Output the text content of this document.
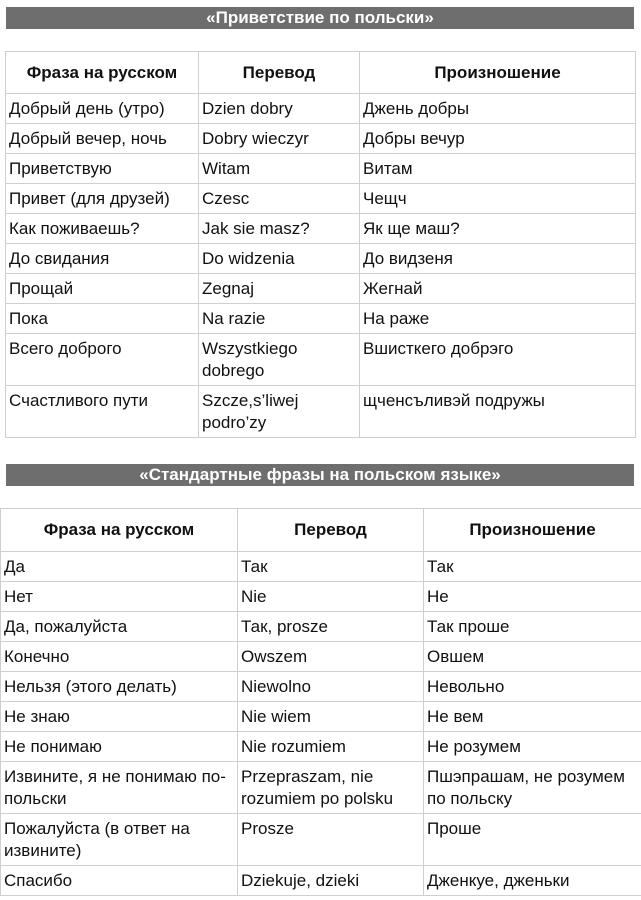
«Приветствие по польски»
Фраза на русском	Перевод	Произношение
Добрый день (утро)	Dzien dobry	Джень добры
Добрый вечер, ночь	Dobry wieczyr	Добры вечур
Приветствую	Witam	Витам
Привет (для друзей)	Czesc	Чещч
Как поживаешь?	Jak sie masz?	Як ще маш?
До свидания	Do widzenia	До видзеня
Прощай	Zegnaj	Жегнай
Пока	Na razie	На раже
Всего доброго	Wszystkiego dobrego	Вшисткего добрэго
Счастливого пути	Szcze,s’liwej podro’zy	щченсъливэй подружы
«Стандартные фразы на польском языке»
Фраза на русском	Перевод	Произношение
Да	Так	Так
Нет	Nie	Не
Да, пожалуйста	Так, prosze	Так проше
Конечно	Owszem	Овшем
Нельзя (этого делать)	Niewolno	Невольно
Не знаю	Nie wiem	Не вем
Не понимаю	Nie rozumiem	Не розумем
Извините, я не понимаю по-польски	Przepraszam, nie rozumiem po polsku	Пшэпрашам, не розумем по польску
Пожалуйста (в ответ на извините)	Prosze	Проше
Спасибо	Dziekuje, dzieki	Дженкуе, дженьки
